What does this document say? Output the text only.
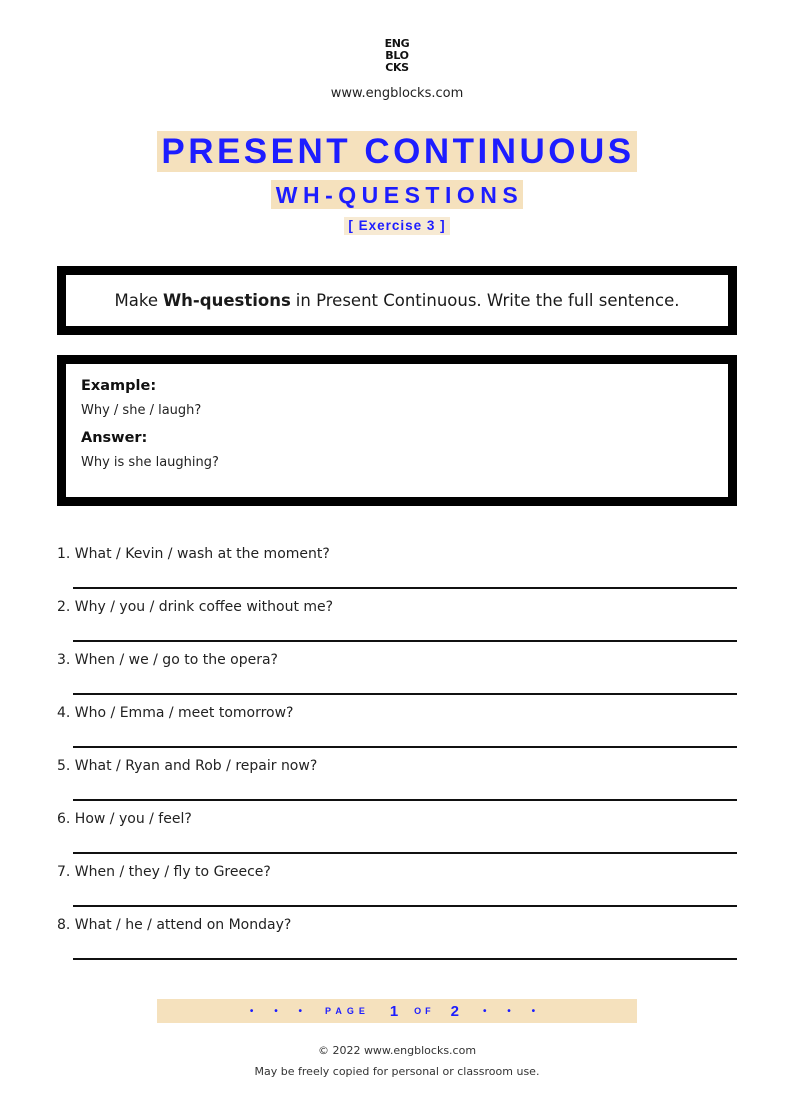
ENG
BLO
CKS
www.engblocks.com
PRESENT CONTINUOUS
WH-QUESTIONS
[ Exercise 3 ]
Make Wh-questions in Present Continuous. Write the full sentence.
Example:
Why / she / laugh?
Answer:
Why is she laughing?
1. What / Kevin / wash at the moment?
2. Why / you / drink coffee without me?
3. When / we / go to the opera?
4. Who / Emma / meet tomorrow?
5. What / Ryan and Rob / repair now?
6. How / you / feel?
7. When / they / fly to Greece?
8. What / he / attend on Monday?
• • • PAGE 1 OF 2 • • •
© 2022 www.engblocks.com
May be freely copied for personal or classroom use.
